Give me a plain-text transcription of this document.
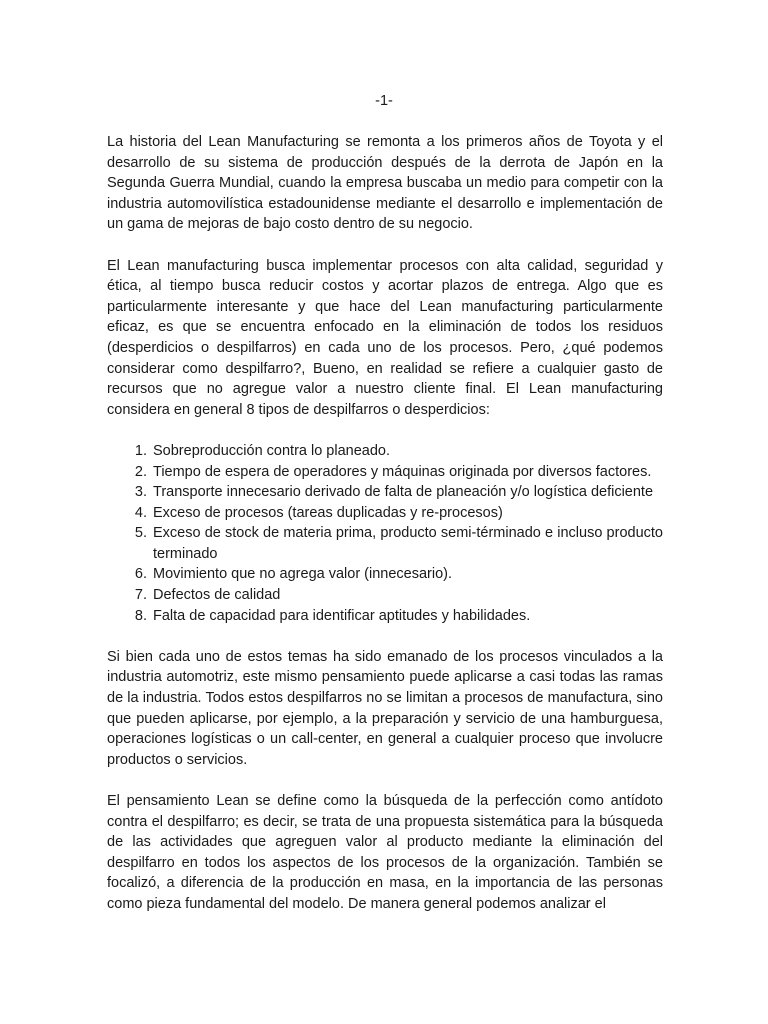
-1-

La historia del Lean Manufacturing se remonta a los primeros años de Toyota y el desarrollo de su sistema de producción después de la derrota de Japón en la Segunda Guerra Mundial, cuando la empresa buscaba un medio para competir con la industria automovilística estadounidense mediante el desarrollo e implementación de un gama de mejoras de bajo costo dentro de su negocio.

El Lean manufacturing busca implementar procesos con alta calidad, seguridad y ética, al tiempo busca reducir costos y acortar plazos de entrega. Algo que es particularmente interesante y que hace del Lean manufacturing particularmente eficaz, es que se encuentra enfocado en la eliminación de todos los residuos (desperdicios o despilfarros) en cada uno de los procesos. Pero, ¿qué podemos considerar como despilfarro?, Bueno, en realidad se refiere a cualquier gasto de recursos que no agregue valor a nuestro cliente final. El Lean manufacturing considera en general 8 tipos de despilfarros o desperdicios:

1. Sobreproducción contra lo planeado.
2. Tiempo de espera de operadores y máquinas originada por diversos factores.
3. Transporte innecesario derivado de falta de planeación y/o logística deficiente
4. Exceso de procesos (tareas duplicadas y re-procesos)
5. Exceso de stock de materia prima, producto semi-términado e incluso producto terminado
6. Movimiento que no agrega valor (innecesario).
7. Defectos de calidad
8. Falta de capacidad para identificar aptitudes y habilidades.

Si bien cada uno de estos temas ha sido emanado de los procesos vinculados a la industria automotriz, este mismo pensamiento puede aplicarse a casi todas las ramas de la industria. Todos estos despilfarros no se limitan a procesos de manufactura, sino que pueden aplicarse, por ejemplo, a la preparación y servicio de una hamburguesa, operaciones logísticas o un call-center, en general a cualquier proceso que involucre productos o servicios.

El pensamiento Lean se define como la búsqueda de la perfección como antídoto contra el despilfarro; es decir, se trata de una propuesta sistemática para la búsqueda de las actividades que agreguen valor al producto mediante la eliminación del despilfarro en todos los aspectos de los procesos de la organización. También se focalizó, a diferencia de la producción en masa, en la importancia de las personas como pieza fundamental del modelo. De manera general podemos analizar el
